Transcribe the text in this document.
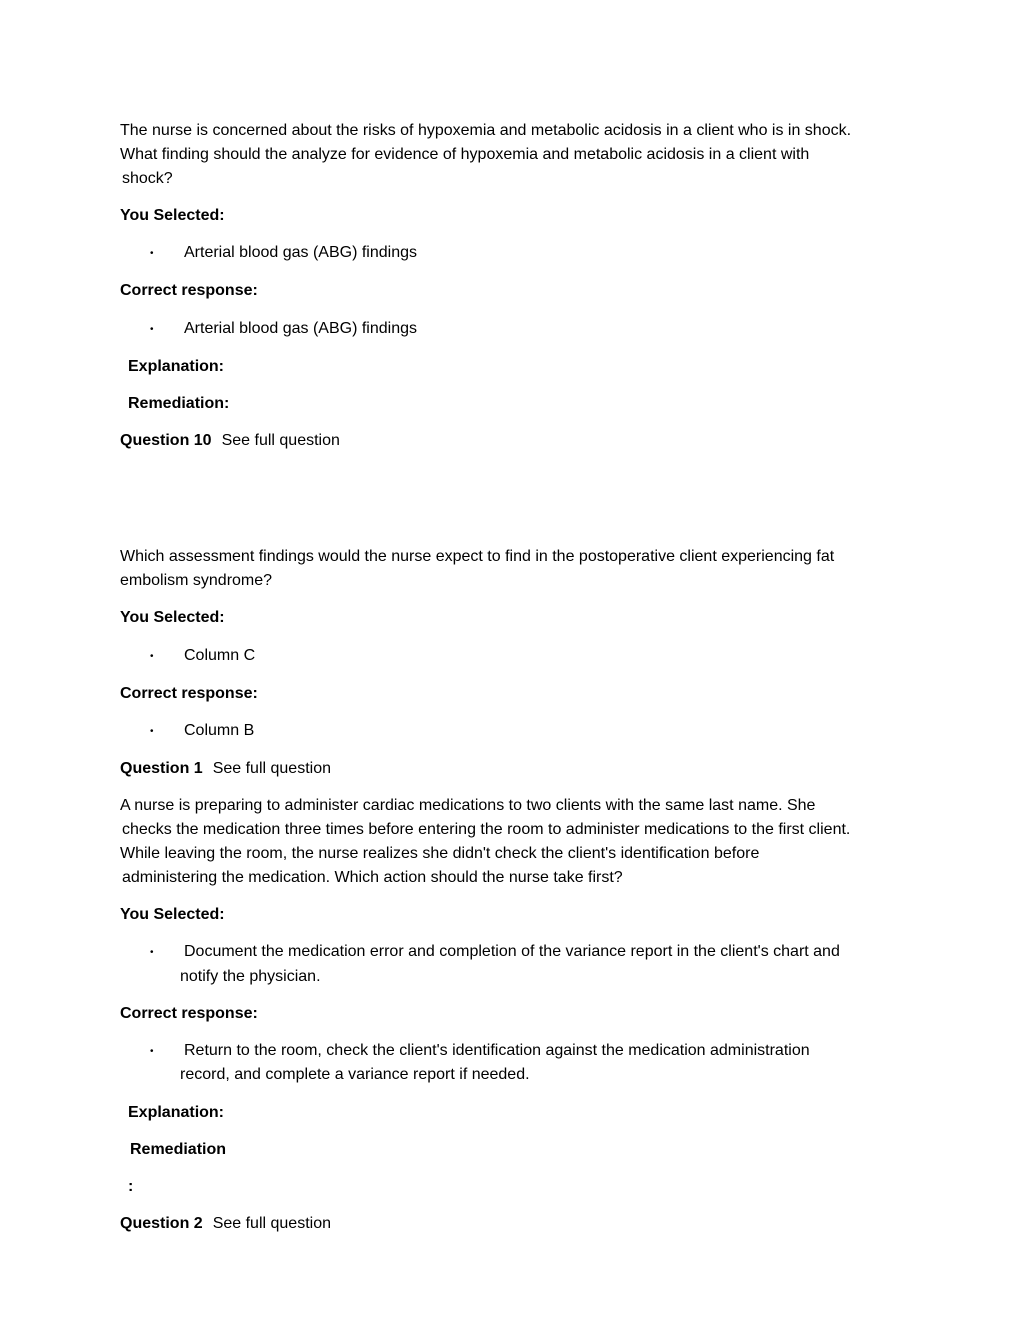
The nurse is concerned about the risks of hypoxemia and metabolic acidosis in a client who is in shock.
What finding should the analyze for evidence of hypoxemia and metabolic acidosis in a client with
shock?
You Selected:
• Arterial blood gas (ABG) findings
Correct response:
• Arterial blood gas (ABG) findings
Explanation:
Remediation:
Question 10 See full question
Which assessment findings would the nurse expect to find in the postoperative client experiencing fat
embolism syndrome?
You Selected:
• Column C
Correct response:
• Column B
Question 1 See full question
A nurse is preparing to administer cardiac medications to two clients with the same last name. She
checks the medication three times before entering the room to administer medications to the first client.
While leaving the room, the nurse realizes she didn't check the client's identification before
administering the medication. Which action should the nurse take first?
You Selected:
• Document the medication error and completion of the variance report in the client's chart and
notify the physician.
Correct response:
• Return to the room, check the client's identification against the medication administration
record, and complete a variance report if needed.
Explanation:
Remediation
:
Question 2 See full question
